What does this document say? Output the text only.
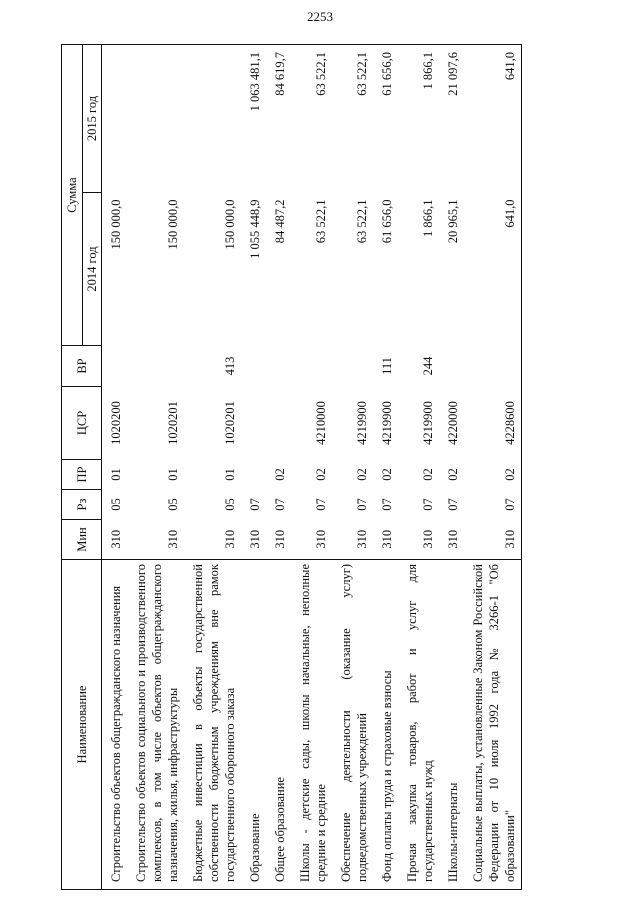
2253
Наименование	Мин	Рз	ПР	ЦСР	ВР	Сумма	
						2014 год	2015 год
Строительство объектов общегражданского назначения	310	05	01	1020200		150 000,0	
Строительство объектов социального и производственного комплексов, в том числе объектов общегражданского назначения, жилья, инфраструктуры	310	05	01	1020201		150 000,0	
Бюджетные инвестиции в объекты государственной собственности бюджетным учреждениям вне рамок государственного оборонного заказа	310	05	01	1020201	413	150 000,0	
Образование	310	07				1 055 448,9	1 063 481,1
Общее образование	310	07	02			84 487,2	84 619,7
Школы - детские сады, школы начальные, неполные средние и средние	310	07	02	4210000		63 522,1	63 522,1
Обеспечение деятельности (оказание услуг) подведомственных учреждений	310	07	02	4219900		63 522,1	63 522,1
Фонд оплаты труда и страховые взносы	310	07	02	4219900	111	61 656,0	61 656,0
Прочая закупка товаров, работ и услуг для государственных нужд	310	07	02	4219900	244	1 866,1	1 866,1
Школы-интернаты	310	07	02	4220000		20 965,1	21 097,6
Социальные выплаты, установленные Законом Российской Федерации от 10 июля 1992 года № 3266-1 "Об образовании"	310	07	02	4228600		641,0	641,0
